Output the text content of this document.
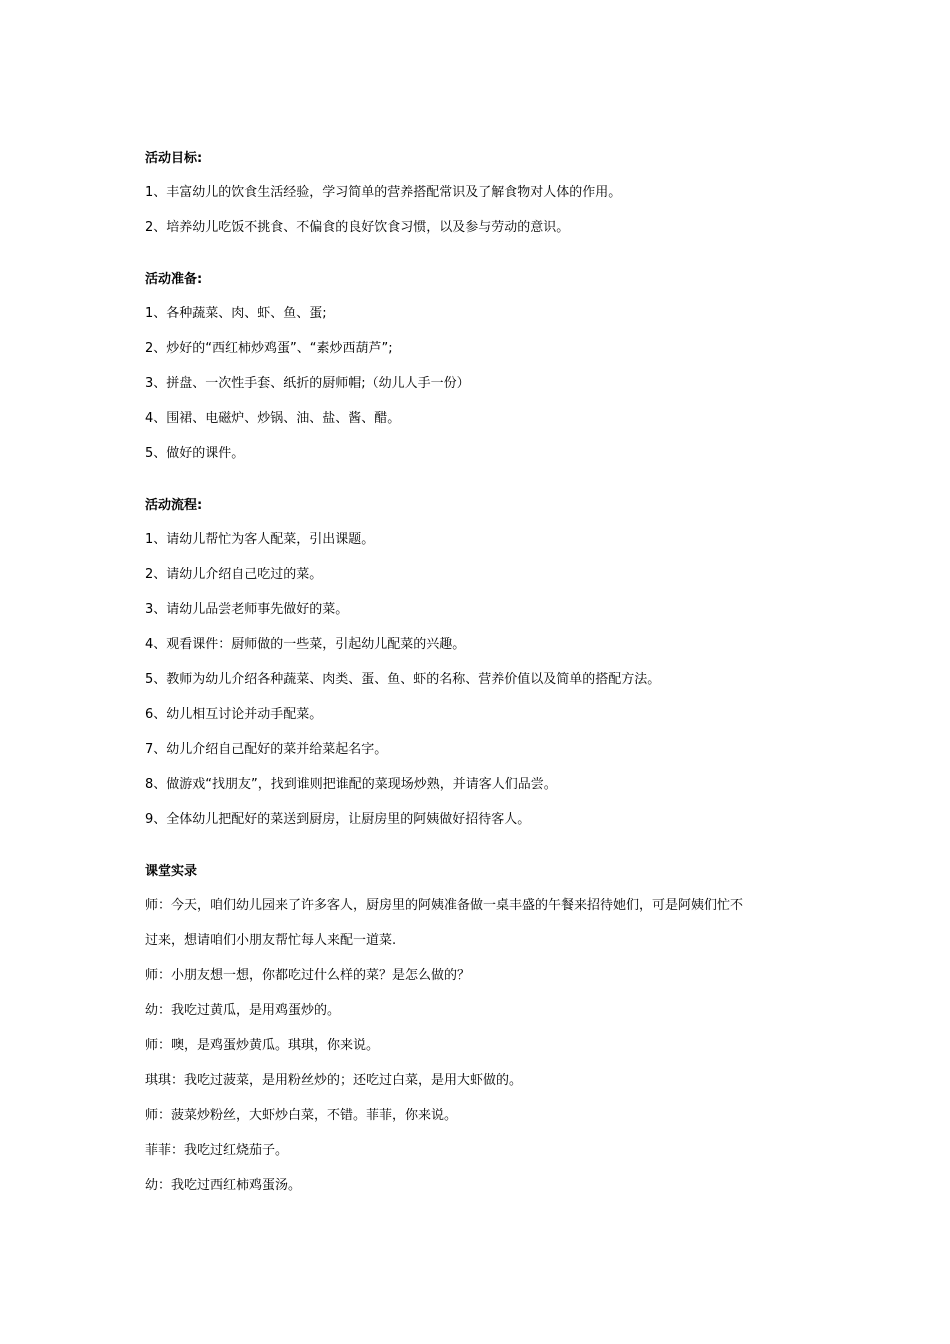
活动目标:

1、丰富幼儿的饮食生活经验，学习简单的营养搭配常识及了解食物对人体的作用。

2、培养幼儿吃饭不挑食、不偏食的良好饮食习惯，以及参与劳动的意识。

活动准备:

1、各种蔬菜、肉、虾、鱼、蛋;

2、炒好的“西红柿炒鸡蛋”、“素炒西葫芦”;

3、拼盘、一次性手套、纸折的厨师帽;（幼儿人手一份）

4、围裙、电磁炉、炒锅、油、盐、酱、醋。

5、做好的课件。

活动流程:

1、请幼儿帮忙为客人配菜，引出课题。

2、请幼儿介绍自己吃过的菜。

3、请幼儿品尝老师事先做好的菜。

4、观看课件：厨师做的一些菜，引起幼儿配菜的兴趣。

5、教师为幼儿介绍各种蔬菜、肉类、蛋、鱼、虾的名称、营养价值以及简单的搭配方法。

6、幼儿相互讨论并动手配菜。

7、幼儿介绍自己配好的菜并给菜起名字。

8、做游戏“找朋友”，找到谁则把谁配的菜现场炒熟，并请客人们品尝。

9、全体幼儿把配好的菜送到厨房，让厨房里的阿姨做好招待客人。

课堂实录

师：今天，咱们幼儿园来了许多客人，厨房里的阿姨准备做一桌丰盛的午餐来招待她们，可是阿姨们忙不

过来，想请咱们小朋友帮忙每人来配一道菜.

师：小朋友想一想，你都吃过什么样的菜？是怎么做的？

幼：我吃过黄瓜，是用鸡蛋炒的。

师：噢，是鸡蛋炒黄瓜。琪琪，你来说。

琪琪：我吃过菠菜，是用粉丝炒的；还吃过白菜，是用大虾做的。

师：菠菜炒粉丝，大虾炒白菜，不错。菲菲，你来说。

菲菲：我吃过红烧茄子。

幼：我吃过西红柿鸡蛋汤。
